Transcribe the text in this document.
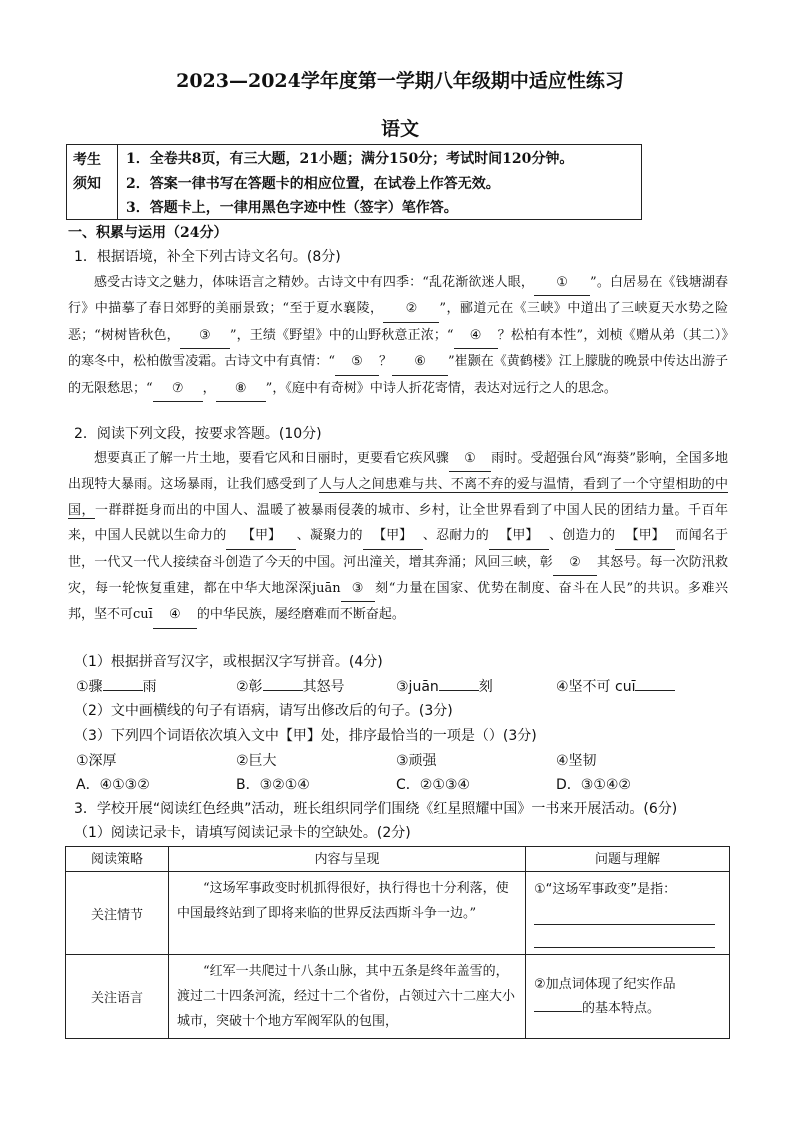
2023—2024学年度第一学期八年级期中适应性练习
语文
考生
须知
1．全卷共8页，有三大题，21小题；满分150分；考试时间120分钟。
2．答案一律书写在答题卡的相应位置，在试卷上作答无效。
3．答题卡上，一律用黑色字迹中性（签字）笔作答。
一、积累与运用（24分）
1．根据语境，补全下列古诗文名句。(8分)
感受古诗文之魅力，体味语言之精妙。古诗文中有四季：“乱花渐欲迷人眼， ① ”。白居易在《钱塘湖春行》中描摹了春日郊野的美丽景致；“至于夏水襄陵， ② ”，郦道元在《三峡》中道出了三峡夏天水势之险恶；“树树皆秋色， ③ ”，王绩《野望》中的山野秋意正浓；“ ④ ？松柏有本性”，刘桢《赠从弟（其二）》的寒冬中，松柏傲雪凌霜。古诗文中有真情：“ ⑤ ？ ⑥ ”崔颢在《黄鹤楼》江上朦胧的晚景中传达出游子的无限愁思；“ ⑦ ， ⑧ ”，《庭中有奇树》中诗人折花寄情，表达对远行之人的思念。
2．阅读下列文段，按要求答题。(10分)
想要真正了解一片土地，要看它风和日丽时，更要看它疾风骤 ① 雨时。受超强台风“海葵”影响，全国多地出现特大暴雨。这场暴雨，让我们感受到了人与人之间患难与共、不离不弃的爱与温情，看到了一个守望相助的中国，一群群挺身而出的中国人、温暖了被暴雨侵袭的城市、乡村，让全世界看到了中国人民的团结力量。千百年来，中国人民就以生命力的 【甲】 、凝聚力的 【甲】 、忍耐力的 【甲】 、创造力的 【甲】 而闻名于世，一代又一代人接续奋斗创造了今天的中国。河出潼关，增其奔涌；风回三峡，彰 ② 其怒号。每一次防汛救灾，每一轮恢复重建，都在中华大地深深juān ③ 刻“力量在国家、优势在制度、奋斗在人民”的共识。多难兴邦，坚不可cuī ④ 的中华民族，屡经磨难而不断奋起。
（1）根据拼音写汉字，或根据汉字写拼音。(4分)
①骤	雨	②彰	其怒号	③juān	刻	④坚不可 cuī
（2）文中画横线的句子有语病，请写出修改后的句子。(3分)
（3）下列四个词语依次填入文中【甲】处，排序最恰当的一项是（）(3分)
①深厚	②巨大	③顽强	④坚韧
A．④①③②	B．③②①④	C．②①③④	D．③①④②
3．学校开展“阅读红色经典”活动，班长组织同学们围绕《红星照耀中国》一书来开展活动。(6分)
（1）阅读记录卡，请填写阅读记录卡的空缺处。(2分)
阅读策略	内容与呈现	问题与理解
关注情节	“这场军事政变时机抓得很好，执行得也十分利落，使中国最终站到了即将来临的世界反法西斯斗争一边。”	①“这场军事政变”是指：

关注语言	“红军一共爬过十八条山脉，其中五条是终年盖雪的，渡过二十四条河流，经过十二个省份，占领过六十二座大小城市，突破十个地方军阀军队的包围，	②加点词体现了纪实作品的基本特点。
